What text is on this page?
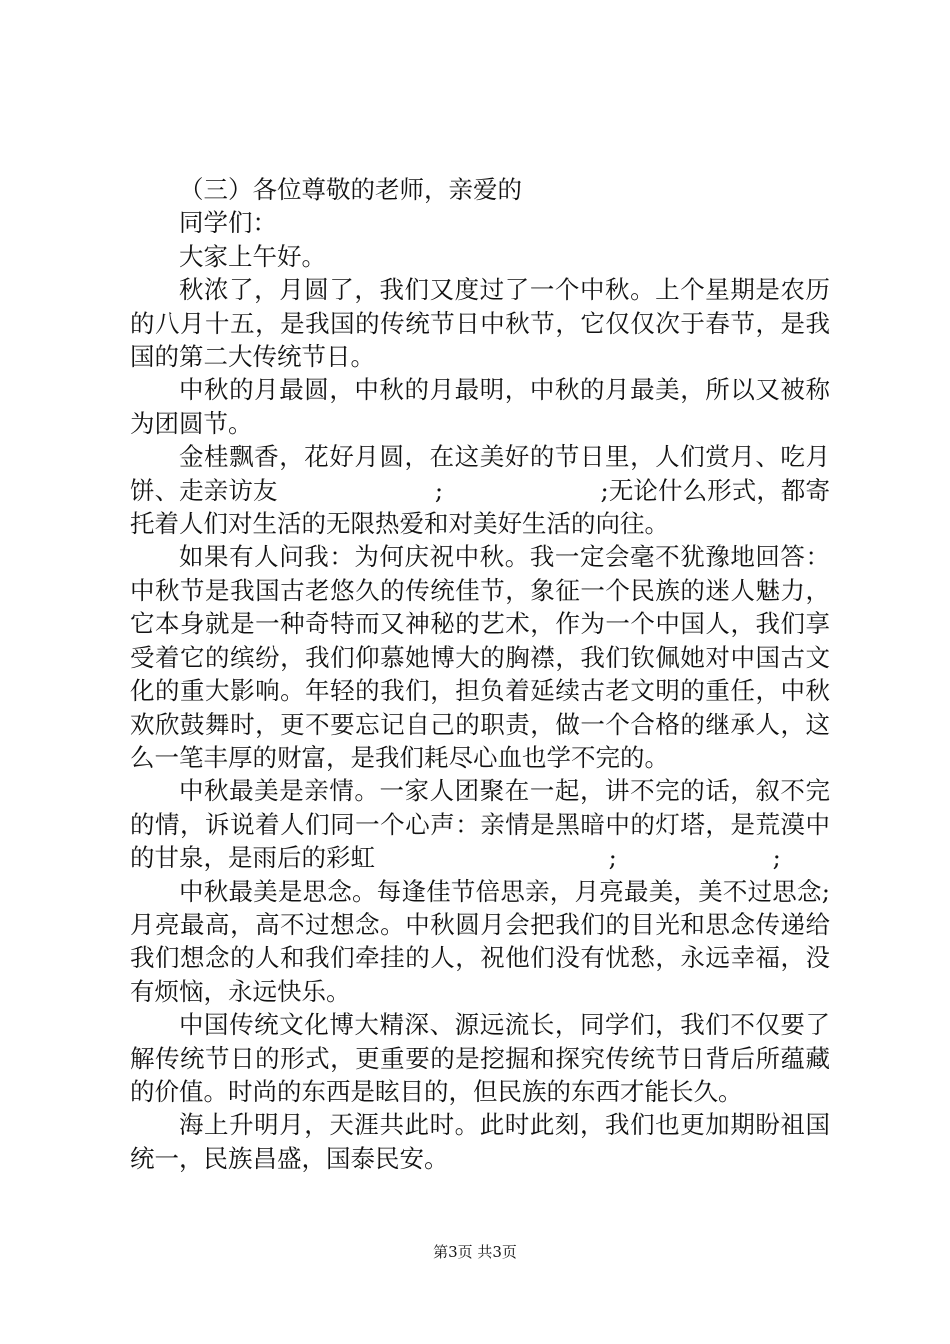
（三）各位尊敬的老师，亲爱的

同学们：

大家上午好。

秋浓了，月圆了，我们又度过了一个中秋。上个星期是农历的八月十五，是我国的传统节日中秋节，它仅仅次于春节，是我国的第二大传统节日。

中秋的月最圆，中秋的月最明，中秋的月最美，所以又被称为团圆节。

金桂飘香，花好月圆，在这美好的节日里，人们赏月、吃月饼、走亲访友                    ;                    ;无论什么形式，都寄托着人们对生活的无限热爱和对美好生活的向往。

如果有人问我：为何庆祝中秋。我一定会毫不犹豫地回答：中秋节是我国古老悠久的传统佳节，象征一个民族的迷人魅力，它本身就是一种奇特而又神秘的艺术，作为一个中国人，我们享受着它的缤纷，我们仰慕她博大的胸襟，我们钦佩她对中国古文化的重大影响。年轻的我们，担负着延续古老文明的重任，中秋欢欣鼓舞时，更不要忘记自己的职责，做一个合格的继承人，这么一笔丰厚的财富，是我们耗尽心血也学不完的。

中秋最美是亲情。一家人团聚在一起，讲不完的话，叙不完的情，诉说着人们同一个心声：亲情是黑暗中的灯塔，是荒漠中的甘泉，是雨后的彩虹                              ;                    ;

中秋最美是思念。每逢佳节倍思亲，月亮最美，美不过思念;月亮最高，高不过想念。中秋圆月会把我们的目光和思念传递给我们想念的人和我们牵挂的人，祝他们没有忧愁，永远幸福，没有烦恼，永远快乐。

中国传统文化博大精深、源远流长，同学们，我们不仅要了解传统节日的形式，更重要的是挖掘和探究传统节日背后所蕴藏的价值。时尚的东西是眩目的，但民族的东西才能长久。

海上升明月，天涯共此时。此时此刻，我们也更加期盼祖国统一，民族昌盛，国泰民安。

第3页 共3页
